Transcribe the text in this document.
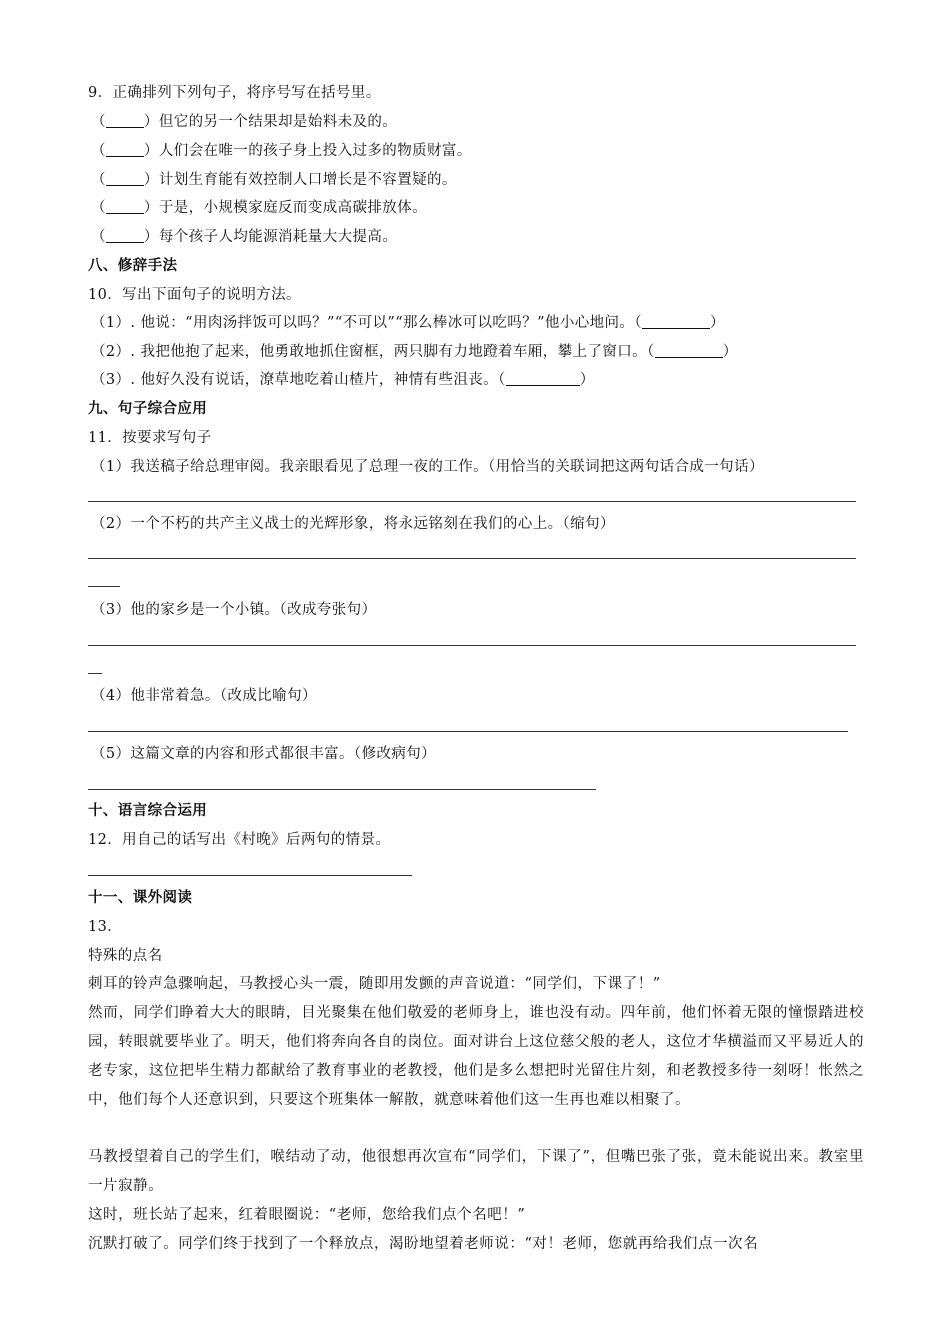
9．正确排列下列句子，将序号写在括号里。
（	）但它的另一个结果却是始料未及的。
（	）人们会在唯一的孩子身上投入过多的物质财富。
（	）计划生育能有效控制人口增长是不容置疑的。
（	）于是，小规模家庭反而变成高碳排放体。
（	）每个孩子人均能源消耗量大大提高。
八、修辞手法
10．写出下面句子的说明方法。
（1）. 他说：“用肉汤拌饭可以吗？”“不可以”“那么棒冰可以吃吗？”他小心地问。（	）
（2）. 我把他抱了起来，他勇敢地抓住窗框，两只脚有力地蹬着车厢，攀上了窗口。（	）
（3）. 他好久没有说话，潦草地吃着山楂片，神情有些沮丧。（	）
九、句子综合应用
11．按要求写句子
（1）我送稿子给总理审阅。我亲眼看见了总理一夜的工作。（用恰当的关联词把这两句话合成一句话）
（2）一个不朽的共产主义战士的光辉形象，将永远铭刻在我们的心上。（缩句）
（3）他的家乡是一个小镇。（改成夸张句）
（4）他非常着急。（改成比喻句）
（5）这篇文章的内容和形式都很丰富。（修改病句）
十、语言综合运用
12．用自己的话写出《村晚》后两句的情景。
十一、课外阅读
13．
特殊的点名
刺耳的铃声急骤响起，马教授心头一震，随即用发颤的声音说道：“同学们，下课了！”
然而，同学们睁着大大的眼睛，目光聚集在他们敬爱的老师身上，谁也没有动。四年前，他们怀着无限的憧憬踏进校园，转眼就要毕业了。明天，他们将奔向各自的岗位。面对讲台上这位慈父般的老人，这位才华横溢而又平易近人的老专家，这位把毕生精力都献给了教育事业的老教授，他们是多么想把时光留住片刻，和老教授多待一刻呀！怅然之中，他们每个人还意识到，只要这个班集体一解散，就意味着他们这一生再也难以相聚了。
马教授望着自己的学生们，喉结动了动，他很想再次宣布“同学们，下课了”，但嘴巴张了张，竟未能说出来。教室里一片寂静。
这时，班长站了起来，红着眼圈说：“老师，您给我们点个名吧！”
沉默打破了。同学们终于找到了一个释放点，渴盼地望着老师说：“对！老师，您就再给我们点一次名
